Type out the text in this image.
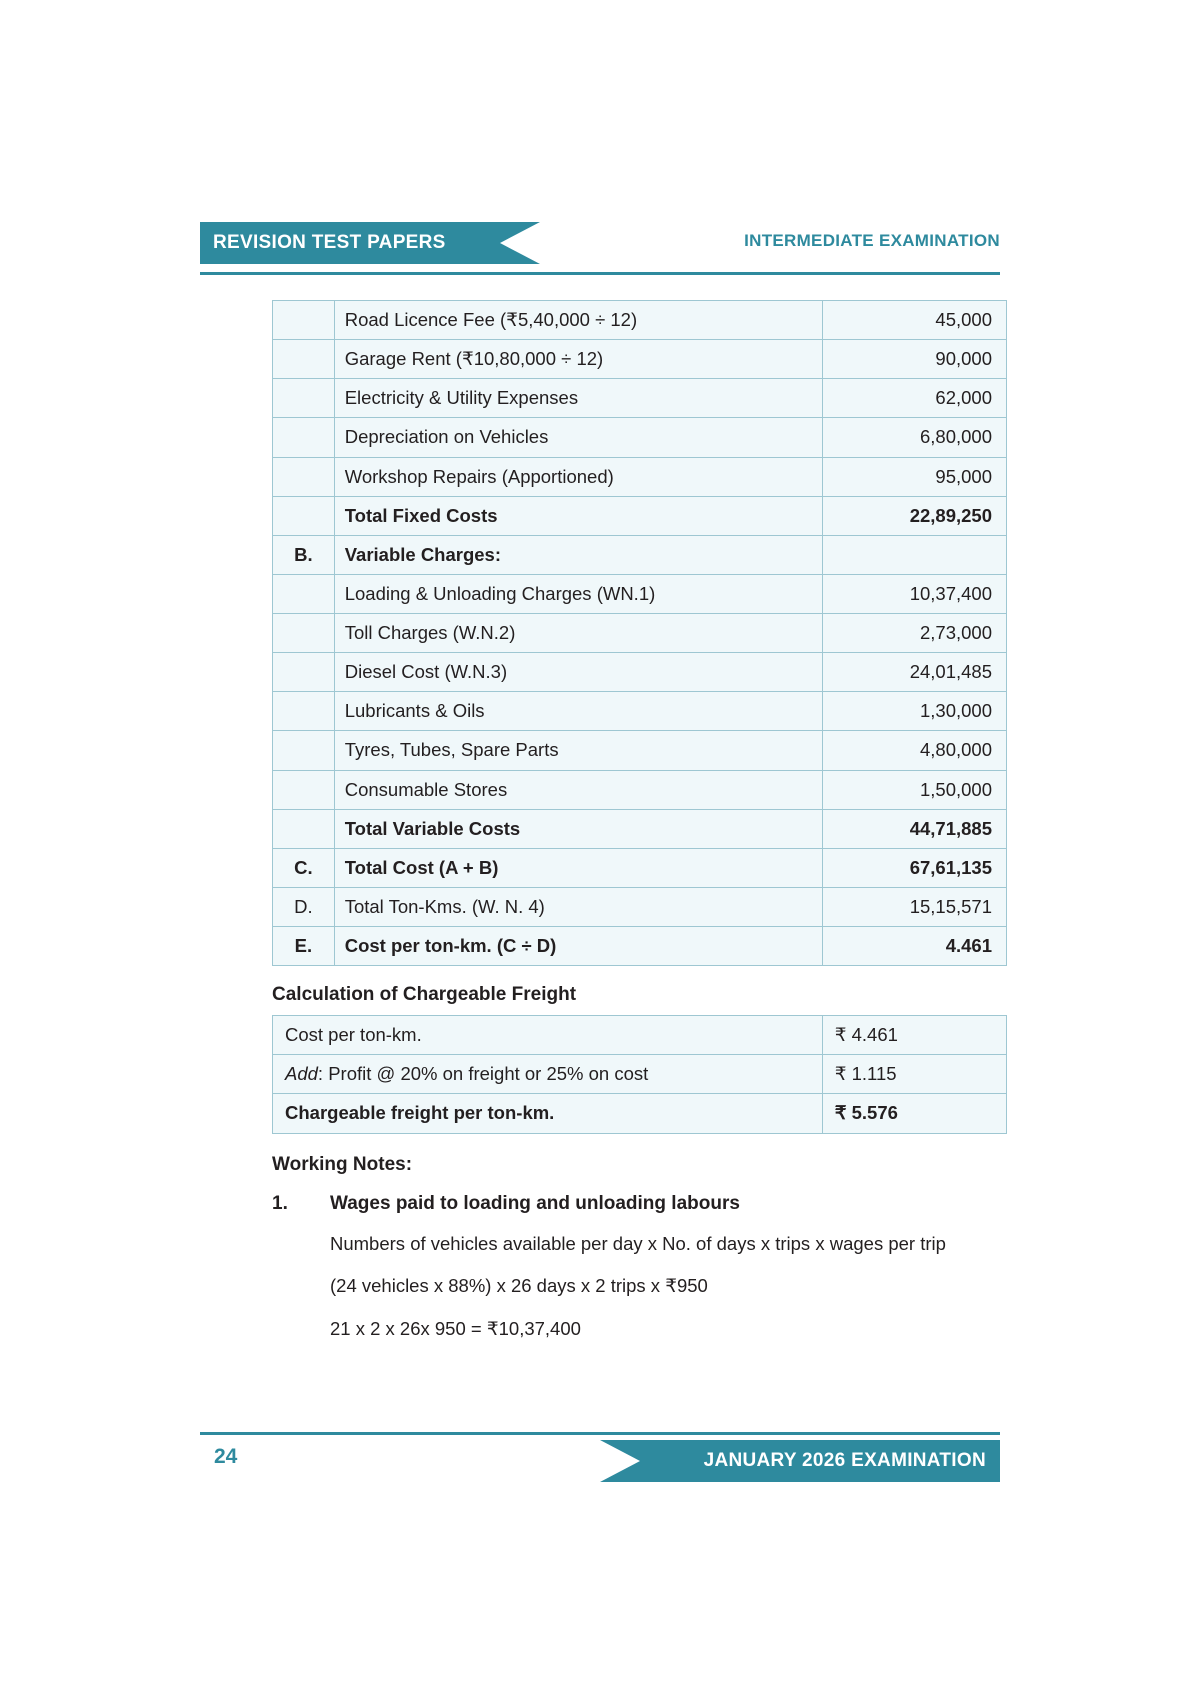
REVISION TEST PAPERS	INTERMEDIATE EXAMINATION
	Road Licence Fee (₹5,40,000 ÷ 12)	45,000
	Garage Rent (₹10,80,000 ÷ 12)	90,000
	Electricity & Utility Expenses	62,000
	Depreciation on Vehicles	6,80,000
	Workshop Repairs (Apportioned)	95,000
	Total Fixed Costs	22,89,250
B.	Variable Charges:	
	Loading & Unloading Charges (WN.1)	10,37,400
	Toll Charges (W.N.2)	2,73,000
	Diesel Cost (W.N.3)	24,01,485
	Lubricants & Oils	1,30,000
	Tyres, Tubes, Spare Parts	4,80,000
	Consumable Stores	1,50,000
	Total Variable Costs	44,71,885
C.	Total Cost (A + B)	67,61,135
D.	Total Ton-Kms. (W. N. 4)	15,15,571
E.	Cost per ton-km. (C ÷ D)	4.461
Calculation of Chargeable Freight
Cost per ton-km.	₹ 4.461
Add: Profit @ 20% on freight or 25% on cost	₹ 1.115
Chargeable freight per ton-km.	₹ 5.576
Working Notes:
1.	Wages paid to loading and unloading labours
Numbers of vehicles available per day x No. of days x trips x wages per trip
(24 vehicles x 88%) x 26 days x 2 trips x ₹950
21 x 2 x 26x 950 = ₹10,37,400
24	JANUARY 2026 EXAMINATION
